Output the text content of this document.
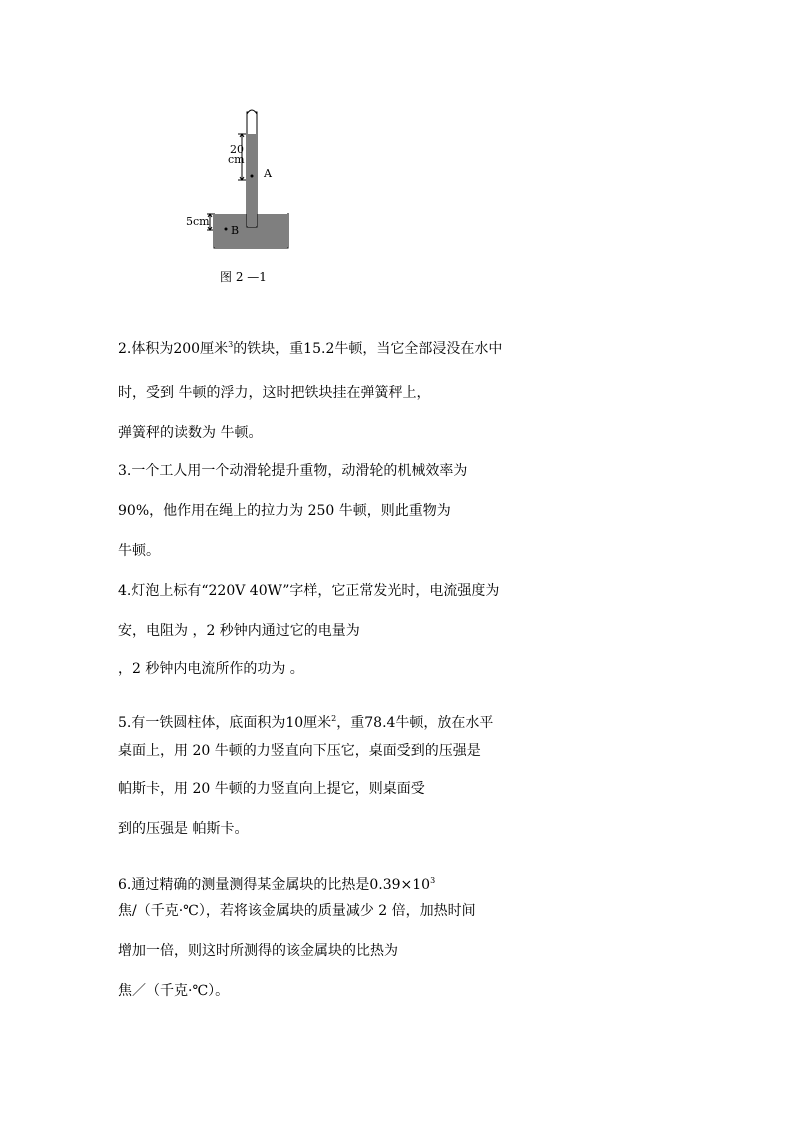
20
cm
5cm
A
B
图 2 —1
2.体积为200厘米$^3$的铁块，重15.2牛顿，当它全部浸没在水中
时，受到 牛顿的浮力，这时把铁块挂在弹簧秤上，
弹簧秤的读数为 牛顿。
3.一个工人用一个动滑轮提升重物，动滑轮的机械效率为
90%，他作用在绳上的拉力为 250 牛顿，则此重物为
牛顿。
4.灯泡上标有“220V 40W”字样，它正常发光时，电流强度为
安，电阻为 ，2 秒钟内通过它的电量为
，2 秒钟内电流所作的功为 。
5.有一铁圆柱体，底面积为10厘米$^2$，重78.4牛顿，放在水平
桌面上，用 20 牛顿的力竖直向下压它，桌面受到的压强是
帕斯卡，用 20 牛顿的力竖直向上提它，则桌面受
到的压强是 帕斯卡。
6.通过精确的测量测得某金属块的比热是$0.39\times 10^3$
焦/（千克·℃），若将该金属块的质量减少 2 倍，加热时间
增加一倍，则这时所测得的该金属块的比热为
焦／（千克·℃）。
